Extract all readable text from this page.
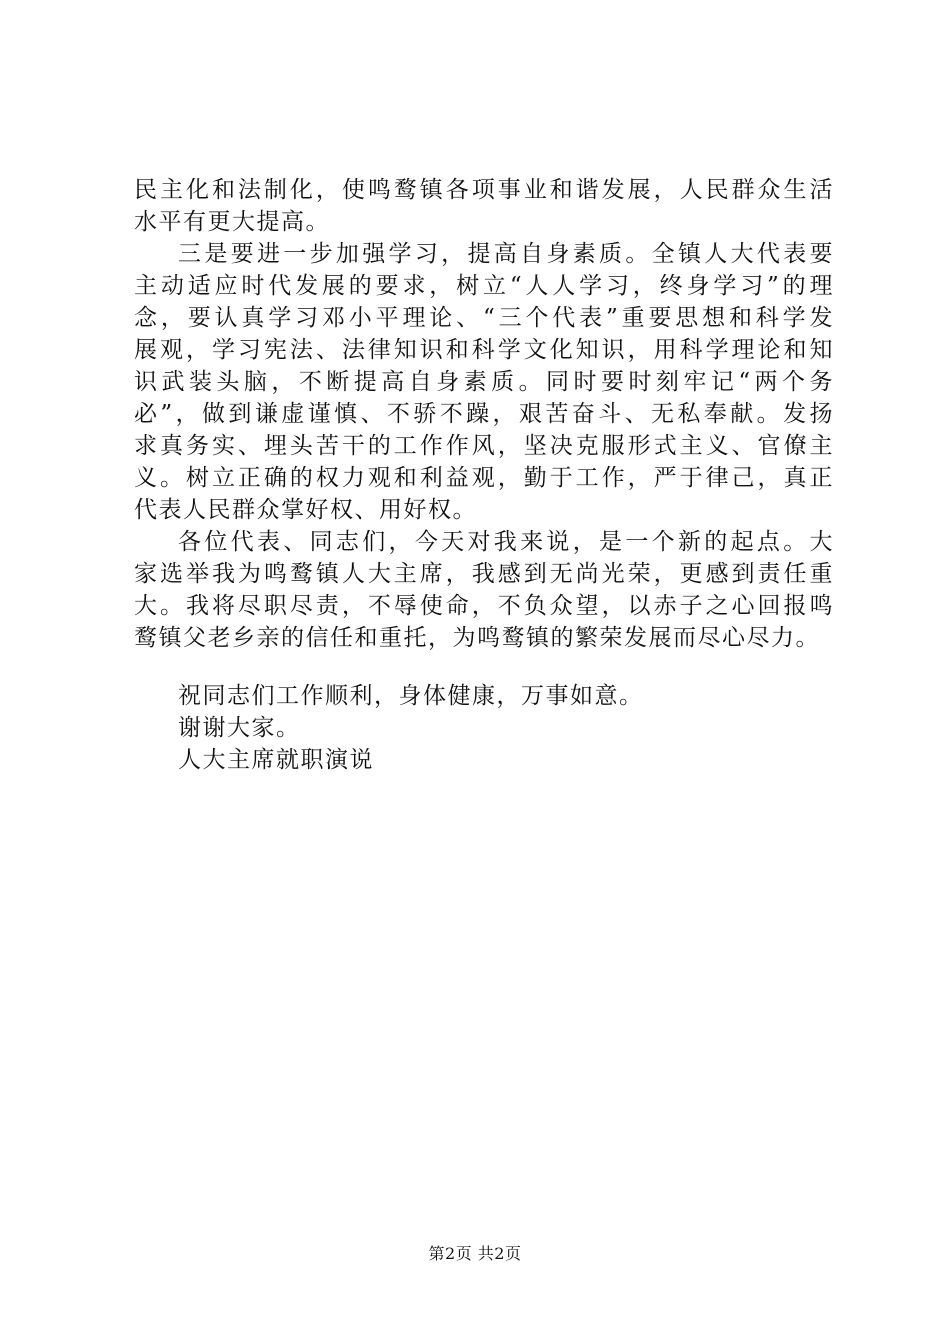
民主化和法制化，使鸣鹜镇各项事业和谐发展，人民群众生活
水平有更大提高。
三是要进一步加强学习，提高自身素质。全镇人大代表要
主动适应时代发展的要求，树立“人人学习，终身学习”的理
念，要认真学习邓小平理论、“三个代表”重要思想和科学发
展观，学习宪法、法律知识和科学文化知识，用科学理论和知
识武装头脑，不断提高自身素质。同时要时刻牢记“两个务
必”，做到谦虚谨慎、不骄不躁，艰苦奋斗、无私奉献。发扬
求真务实、埋头苦干的工作作风，坚决克服形式主义、官僚主
义。树立正确的权力观和利益观，勤于工作，严于律己，真正
代表人民群众掌好权、用好权。
各位代表、同志们，今天对我来说，是一个新的起点。大
家选举我为鸣鹜镇人大主席，我感到无尚光荣，更感到责任重
大。我将尽职尽责，不辱使命，不负众望，以赤子之心回报鸣
鹜镇父老乡亲的信任和重托，为鸣鹜镇的繁荣发展而尽心尽力。
祝同志们工作顺利，身体健康，万事如意。
谢谢大家。
人大主席就职演说
第2页 共2页
